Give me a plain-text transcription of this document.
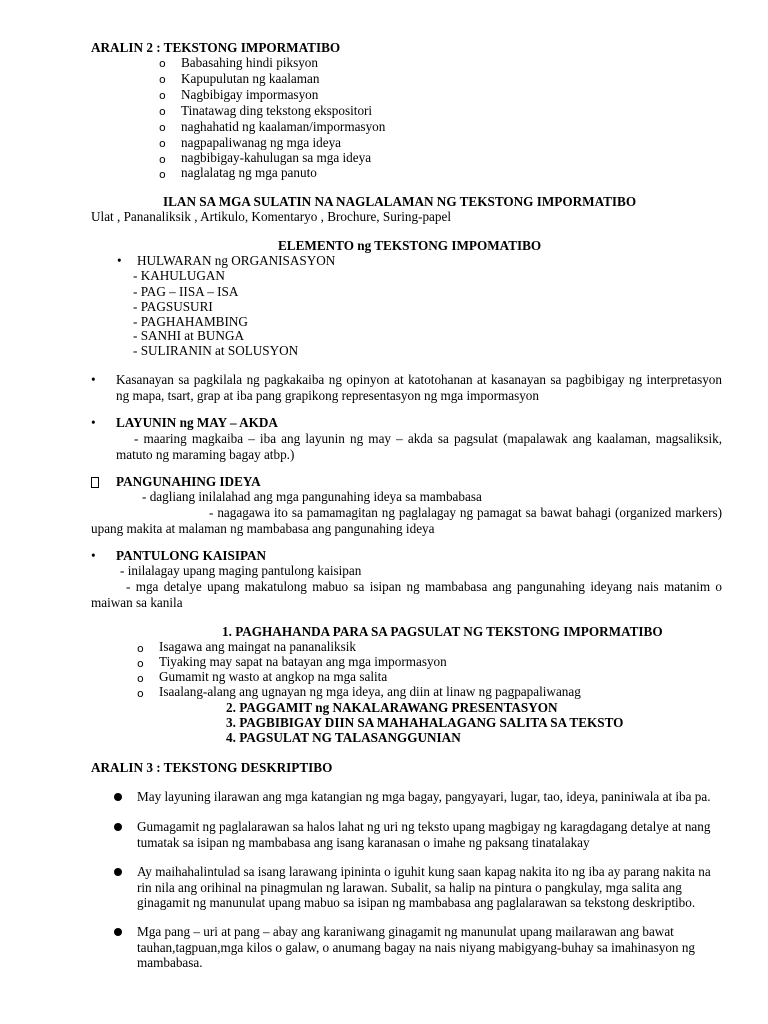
ARALIN 2 : TEKSTONG IMPORMATIBO
o Babasahing hindi piksyon
o Kapupulutan ng kaalaman
o Nagbibigay impormasyon
o Tinatawag ding tekstong ekspositori
o naghahatid ng kaalaman/impormasyon
o nagpapaliwanag ng mga ideya
o nagbibigay-kahulugan sa mga ideya
o naglalatag ng mga panuto
ILAN SA MGA SULATIN NA NAGLALAMAN NG TEKSTONG IMPORMATIBO
Ulat , Pananaliksik , Artikulo, Komentaryo , Brochure, Suring-papel
ELEMENTO ng TEKSTONG IMPOMATIBO
• HULWARAN ng ORGANISASYON
- KAHULUGAN
- PAG – IISA – ISA
- PAGSUSURI
- PAGHAHAMBING
- SANHI at BUNGA
- SULIRANIN at SOLUSYON
• Kasanayan sa pagkilala ng pagkakaiba ng opinyon at katotohanan at kasanayan sa pagbibigay ng interpretasyon ng mapa, tsart, grap at iba pang grapikong representasyon ng mga impormasyon
• LAYUNIN ng MAY – AKDA
- maaring magkaiba – iba ang layunin ng may – akda sa pagsulat (mapalawak ang kaalaman, magsaliksik, matuto ng maraming bagay atbp.)
PANGUNAHING IDEYA
- dagliang inilalahad ang mga pangunahing ideya sa mambabasa
- nagagawa ito sa pamamagitan ng paglalagay ng pamagat sa bawat bahagi (organized markers) upang makita at malaman ng mambabasa ang pangunahing ideya
• PANTULONG KAISIPAN
- inilalagay upang maging pantulong kaisipan
- mga detalye upang makatulong mabuo sa isipan ng mambabasa ang pangunahing ideyang nais matanim o maiwan sa kanila
1. PAGHAHANDA PARA SA PAGSULAT NG TEKSTONG IMPORMATIBO
o Isagawa ang maingat na pananaliksik
o Tiyaking may sapat na batayan ang mga impormasyon
o Gumamit ng wasto at angkop na mga salita
o Isaalang-alang ang ugnayan ng mga ideya, ang diin at linaw ng pagpapaliwanag
2. PAGGAMIT ng NAKALARAWANG PRESENTASYON
3. PAGBIBIGAY DIIN SA MAHAHALAGANG SALITA SA TEKSTO
4. PAGSULAT NG TALASANGGUNIAN
ARALIN 3 : TEKSTONG DESKRIPTIBO
May layuning ilarawan ang mga katangian ng mga bagay, pangyayari, lugar, tao, ideya, paniniwala at iba pa.
Gumagamit ng paglalarawan sa halos lahat ng uri ng teksto upang magbigay ng karagdagang detalye at nang tumatak sa isipan ng mambabasa ang isang karanasan o imahe ng paksang tinatalakay
Ay maihahalintulad sa isang larawang ipininta o iguhit kung saan kapag nakita ito ng iba ay parang nakita na rin nila ang orihinal na pinagmulan ng larawan. Subalit, sa halip na pintura o pangkulay, mga salita ang ginagamit ng manunulat upang mabuo sa isipan ng mambabasa ang paglalarawan sa tekstong deskriptibo.
Mga pang – uri at pang – abay ang karaniwang ginagamit ng manunulat upang mailarawan ang bawat tauhan,tagpuan,mga kilos o galaw, o anumang bagay na nais niyang mabigyang-buhay sa imahinasyon ng mambabasa.
